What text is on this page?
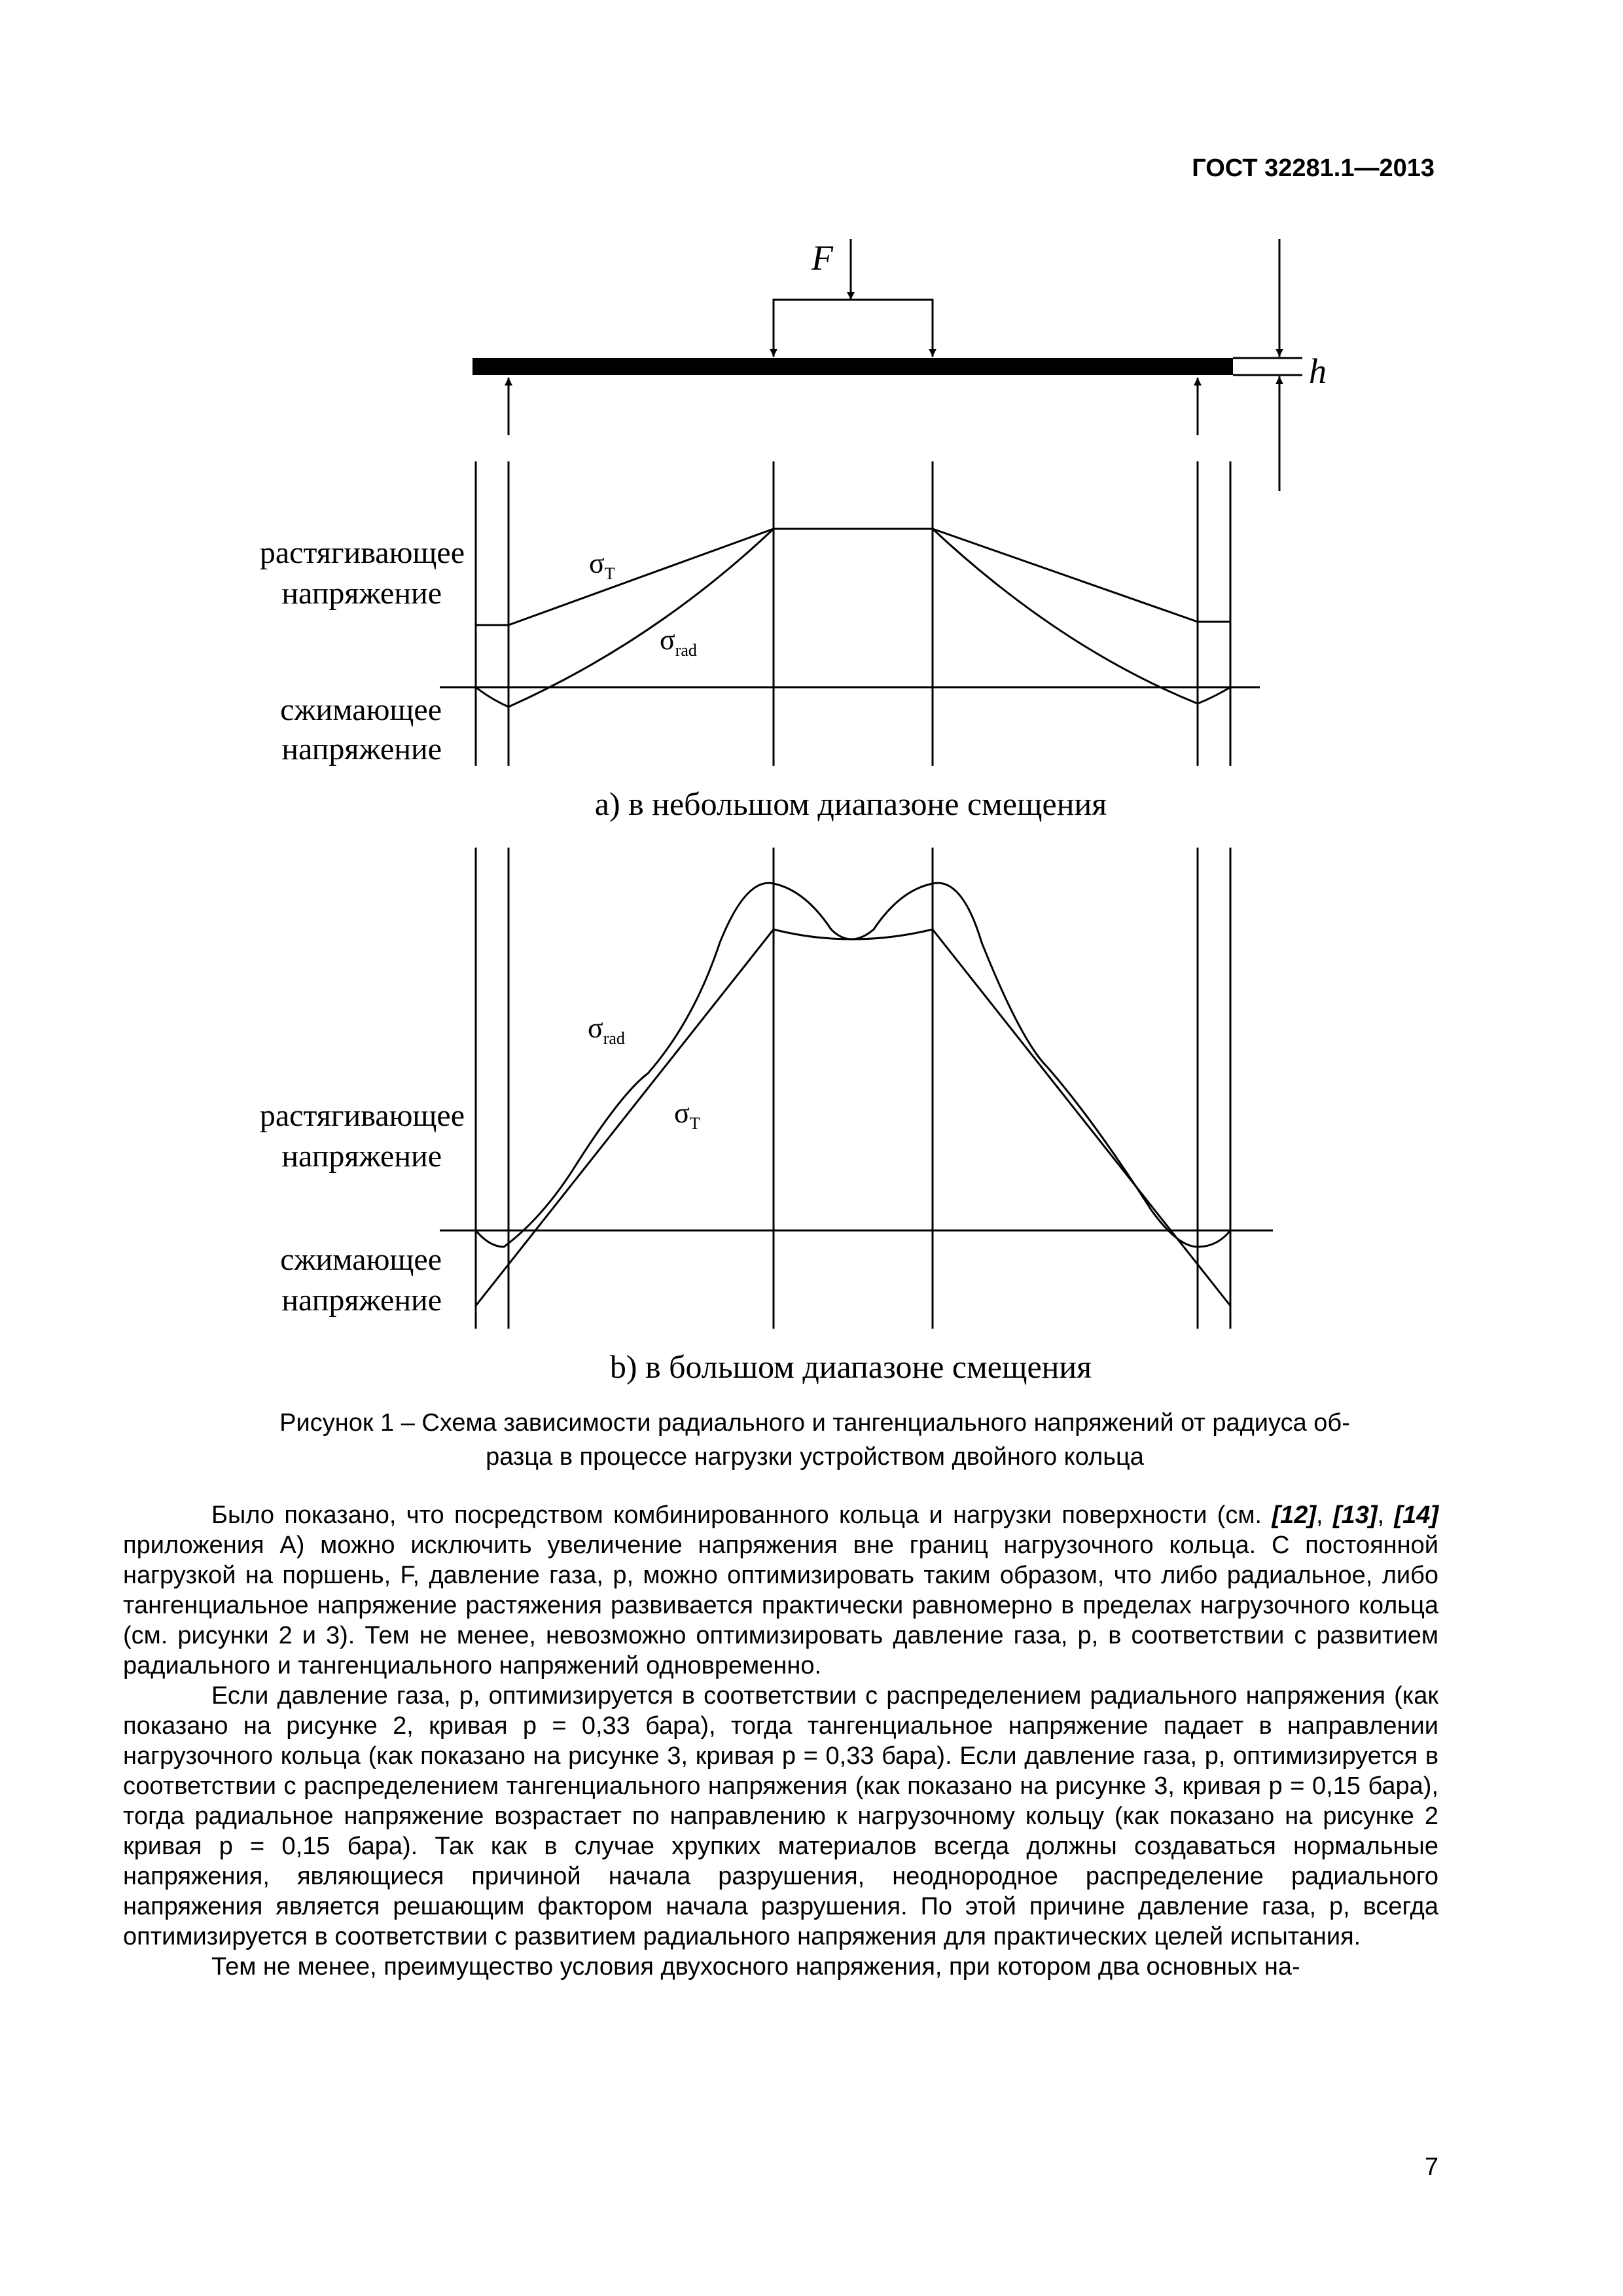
ГОСТ 32281.1—2013
F
h
$\sigma_T$
$\sigma_{rad}$
растягивающее
напряжение
сжимающее
напряжение
а) в небольшом диапазоне смещения
$\sigma_{rad}$
$\sigma_T$
растягивающее
напряжение
сжимающее
напряжение
b) в большом диапазоне смещения
Рисунок 1 – Схема зависимости радиального и тангенциального напряжений от радиуса об-
разца в процессе нагрузки устройством двойного кольца

Было показано, что посредством комбинированного кольца и нагрузки поверхности (см. [12], [13], [14] приложения А) можно исключить увеличение напряжения вне границ нагрузочного кольца. С постоянной нагрузкой на поршень, F, давление газа, p, можно оптимизировать таким образом, что либо радиальное, либо тангенциальное напряжение растяжения развивается практически равномерно в пределах нагрузочного кольца (см. рисунки 2 и 3). Тем не менее, невозможно оптимизировать давление газа, p, в соответствии с развитием радиального и тангенциального напряжений одновременно.

Если давление газа, p, оптимизируется в соответствии с распределением радиального напряжения (как показано на рисунке 2, кривая p = 0,33 бара), тогда тангенциальное напряжение падает в направлении нагрузочного кольца (как показано на рисунке 3, кривая p = 0,33 бара). Если давление газа, p, оптимизируется в соответствии с распределением тангенциального напряжения (как показано на рисунке 3, кривая p = 0,15 бара), тогда радиальное напряжение возрастает по направлению к нагрузочному кольцу (как показано на рисунке 2 кривая p = 0,15 бара). Так как в случае хрупких материалов всегда должны создаваться нормальные напряжения, являющиеся причиной начала разрушения, неоднородное распределение радиального напряжения является решающим фактором начала разрушения. По этой причине давление газа, p, всегда оптимизируется в соответствии с развитием радиального напряжения для практических целей испытания.

Тем не менее, преимущество условия двухосного напряжения, при котором два основных на-

7
